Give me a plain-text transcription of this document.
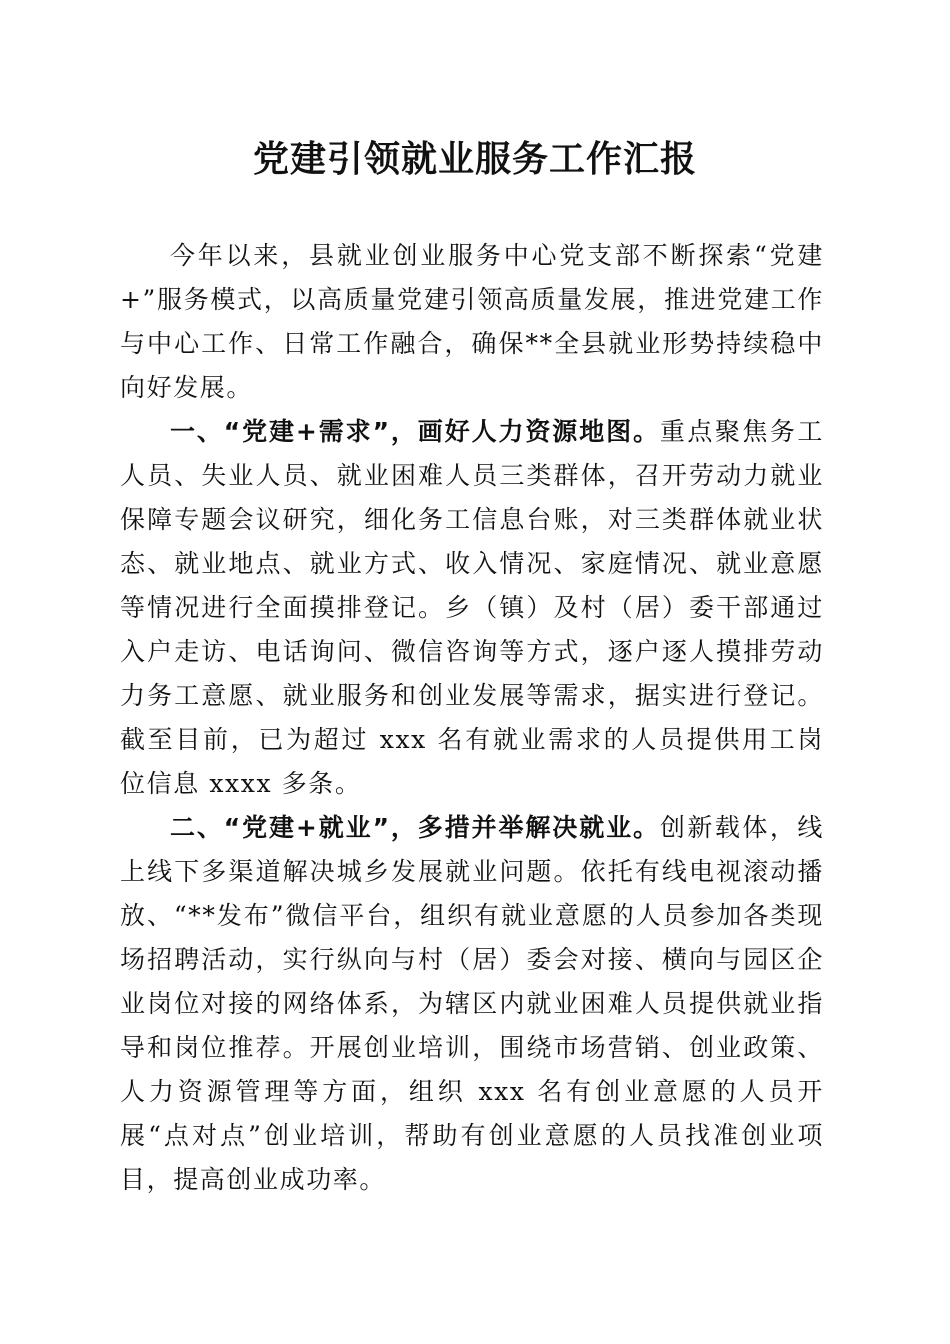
党建引领就业服务工作汇报

今年以来，县就业创业服务中心党支部不断探索“党建+”服务模式，以高质量党建引领高质量发展，推进党建工作与中心工作、日常工作融合，确保**全县就业形势持续稳中向好发展。

一、“党建+需求”，画好人力资源地图。重点聚焦务工人员、失业人员、就业困难人员三类群体，召开劳动力就业保障专题会议研究，细化务工信息台账，对三类群体就业状态、就业地点、就业方式、收入情况、家庭情况、就业意愿等情况进行全面摸排登记。乡（镇）及村（居）委干部通过入户走访、电话询问、微信咨询等方式，逐户逐人摸排劳动力务工意愿、就业服务和创业发展等需求，据实进行登记。截至目前，已为超过 xxx 名有就业需求的人员提供用工岗位信息 xxxx 多条。

二、“党建+就业”，多措并举解决就业。创新载体，线上线下多渠道解决城乡发展就业问题。依托有线电视滚动播放、“**发布”微信平台，组织有就业意愿的人员参加各类现场招聘活动，实行纵向与村（居）委会对接、横向与园区企业岗位对接的网络体系，为辖区内就业困难人员提供就业指导和岗位推荐。开展创业培训，围绕市场营销、创业政策、人力资源管理等方面，组织 xxx 名有创业意愿的人员开展“点对点”创业培训，帮助有创业意愿的人员找准创业项目，提高创业成功率。
